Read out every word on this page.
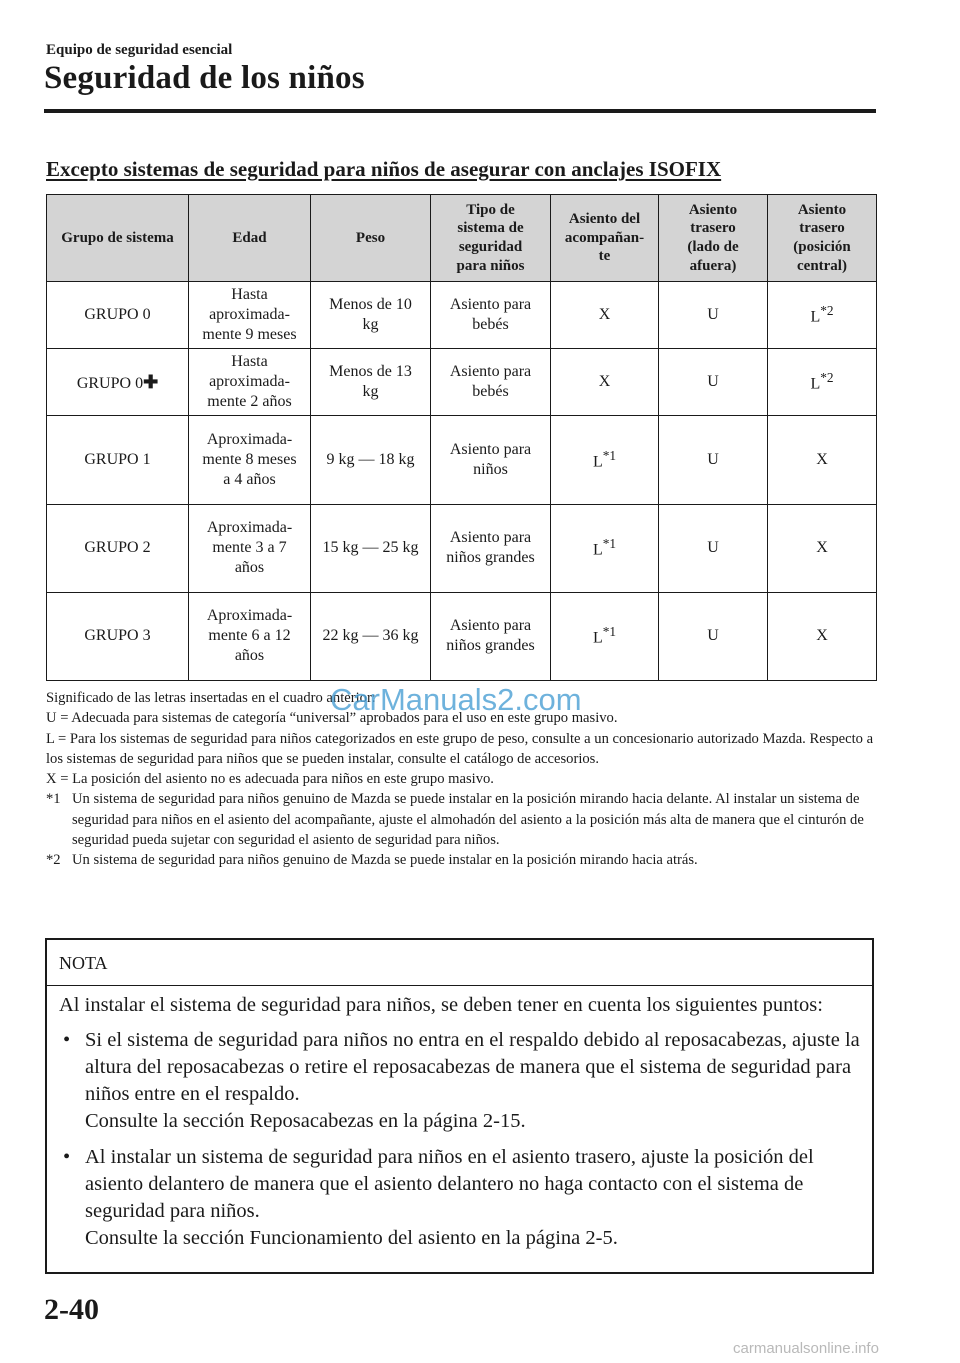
Equipo de seguridad esencial
Seguridad de los niños
Excepto sistemas de seguridad para niños de asegurar con anclajes ISOFIX
Grupo de sistema	Edad	Peso	Tipo de
sistema de
seguridad
para niños	Asiento del
acompañan-
te	Asiento
trasero
(lado de
afuera)	Asiento
trasero
(posición
central)

GRUPO 0	Hasta
aproximada-
mente 9 meses	Menos de 10
kg	Asiento para
bebés	X	U	$L^{*2}$
GRUPO 0✚	Hasta
aproximada-
mente 2 años	Menos de 13
kg	Asiento para
bebés	X	U	$L^{*2}$
GRUPO 1	Aproximada-
mente 8 meses
a 4 años	9 kg ― 18 kg	Asiento para
niños	$L^{*1}$	U	X
GRUPO 2	Aproximada-
mente 3 a 7
años	15 kg ― 25 kg	Asiento para
niños grandes	$L^{*1}$	U	X
GRUPO 3	Aproximada-
mente 6 a 12
años	22 kg ― 36 kg	Asiento para
niños grandes	$L^{*1}$	U	X

Significado de las letras insertadas en el cuadro anterior:

U = Adecuada para sistemas de categoría “universal” aprobados para el uso en este grupo masivo.

L = Para los sistemas de seguridad para niños categorizados en este grupo de peso, consulte a un concesionario autorizado Mazda. Respecto a los sistemas de seguridad para niños que se pueden instalar, consulte el catálogo de accesorios.

X = La posición del asiento no es adecuada para niños en este grupo masivo.

*1 Un sistema de seguridad para niños genuino de Mazda se puede instalar en la posición mirando hacia delante. Al instalar un sistema de seguridad para niños en el asiento del acompañante, ajuste el almohadón del asiento a la posición más alta de manera que el cinturón de seguridad pueda sujetar con seguridad el asiento de seguridad para niños.
*2 Un sistema de seguridad para niños genuino de Mazda se puede instalar en la posición mirando hacia atrás.
CarManuals2.com
NOTA

Al instalar el sistema de seguridad para niños, se deben tener en cuenta los siguientes puntos:

• Si el sistema de seguridad para niños no entra en el respaldo debido al reposacabezas, ajuste la altura del reposacabezas o retire el reposacabezas de manera que el sistema de seguridad para niños entre en el respaldo.
Consulte la sección Reposacabezas en la página 2-15.
• Al instalar un sistema de seguridad para niños en el asiento trasero, ajuste la posición del asiento delantero de manera que el asiento delantero no haga contacto con el sistema de seguridad para niños.
Consulte la sección Funcionamiento del asiento en la página 2-5.
2-40
carmanualsonline.info
